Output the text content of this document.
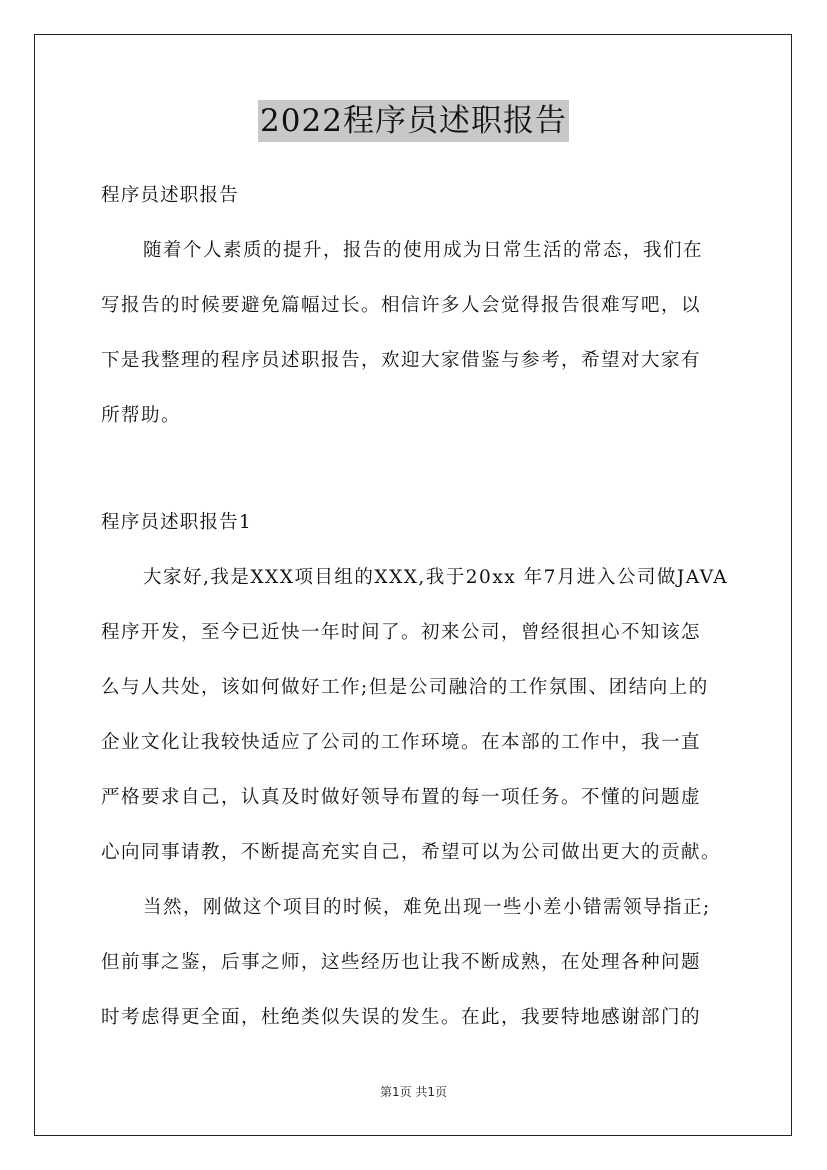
2022程序员述职报告
程序员述职报告
随着个人素质的提升，报告的使用成为日常生活的常态，我们在
写报告的时候要避免篇幅过长。相信许多人会觉得报告很难写吧，以
下是我整理的程序员述职报告，欢迎大家借鉴与参考，希望对大家有
所帮助。
程序员述职报告1
大家好,我是XXX项目组的XXX,我于20xx 年7月进入公司做JAVA
程序开发，至今已近快一年时间了。初来公司，曾经很担心不知该怎
么与人共处，该如何做好工作;但是公司融洽的工作氛围、团结向上的
企业文化让我较快适应了公司的工作环境。在本部的工作中，我一直
严格要求自己，认真及时做好领导布置的每一项任务。不懂的问题虚
心向同事请教，不断提高充实自己，希望可以为公司做出更大的贡献。
当然，刚做这个项目的时候，难免出现一些小差小错需领导指正;
但前事之鉴，后事之师，这些经历也让我不断成熟，在处理各种问题
时考虑得更全面，杜绝类似失误的发生。在此，我要特地感谢部门的
第1页 共1页
